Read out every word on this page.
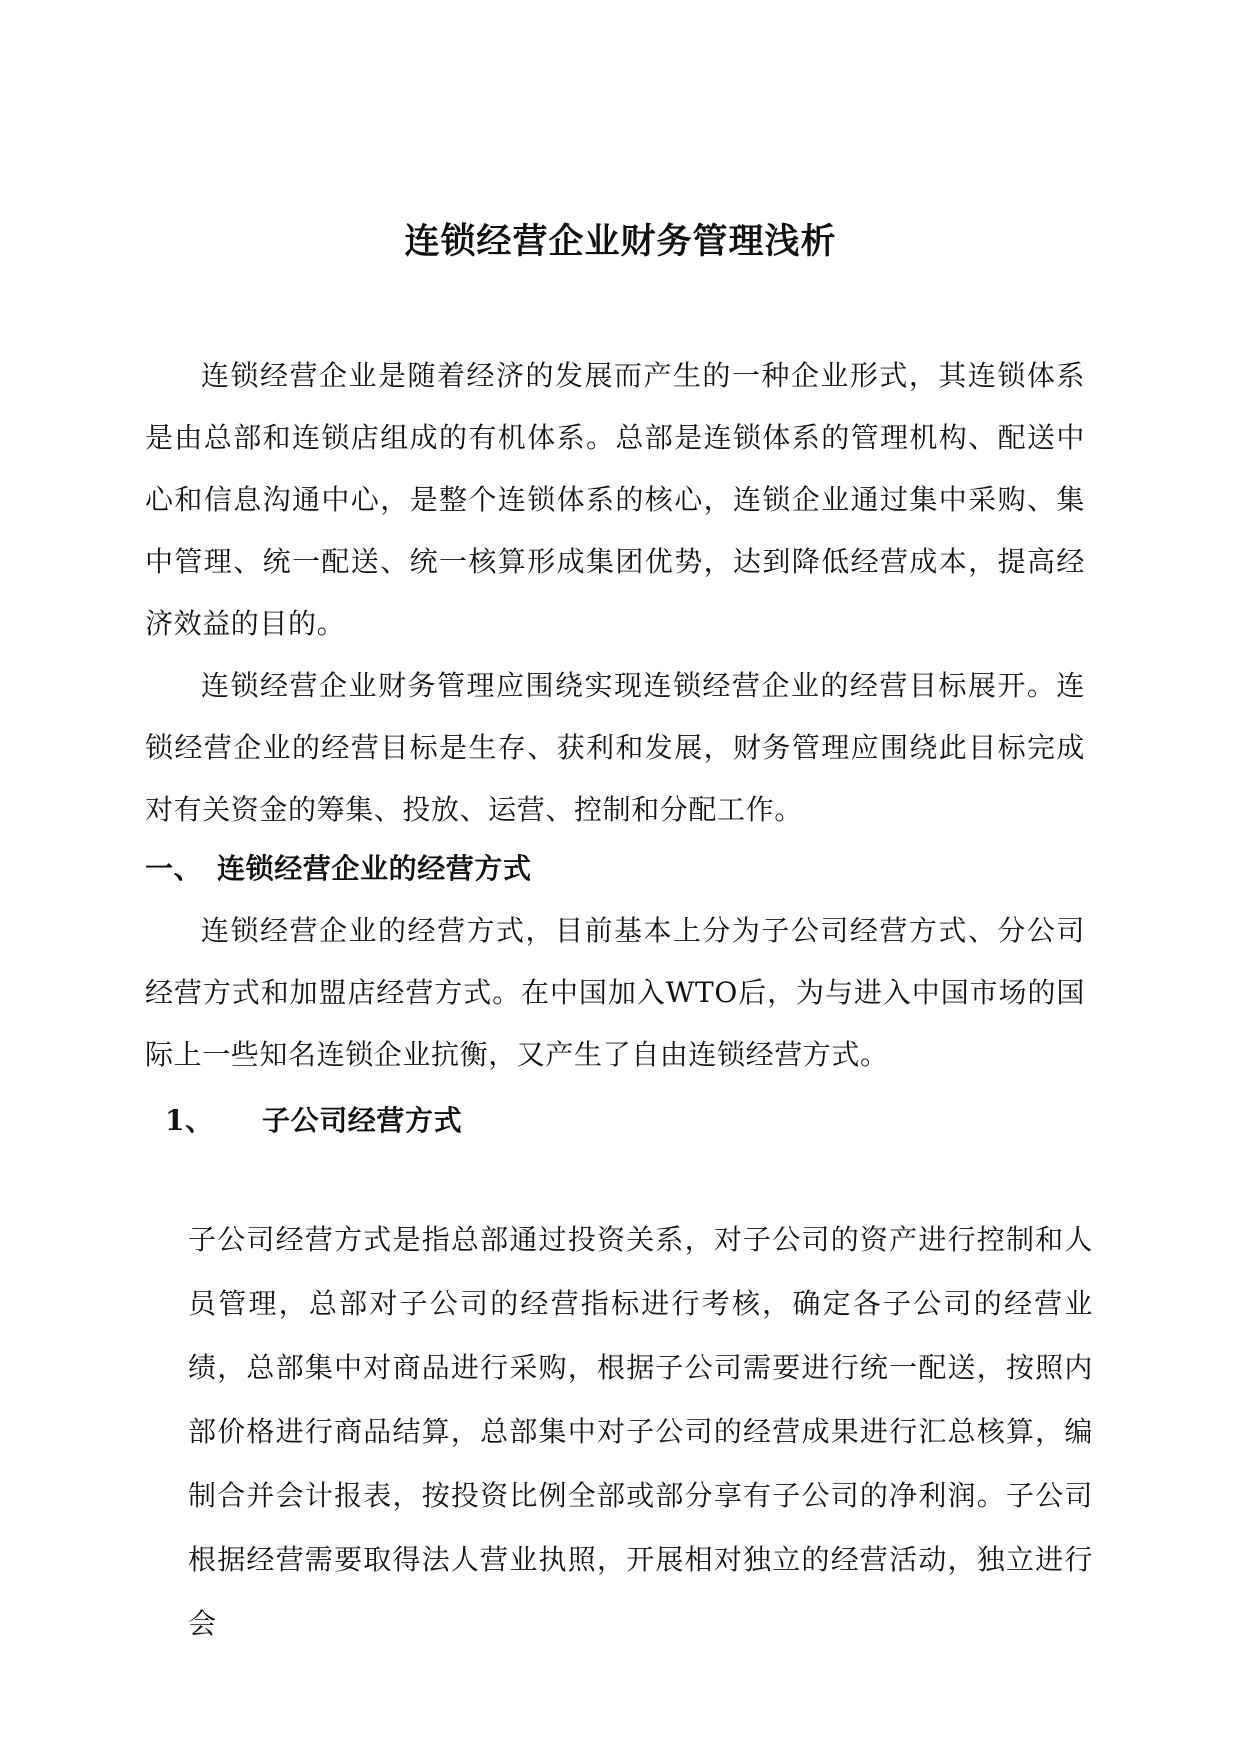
连锁经营企业财务管理浅析

连锁经营企业是随着经济的发展而产生的一种企业形式，其连锁体系是由总部和连锁店组成的有机体系。总部是连锁体系的管理机构、配送中心和信息沟通中心，是整个连锁体系的核心，连锁企业通过集中采购、集中管理、统一配送、统一核算形成集团优势，达到降低经营成本，提高经济效益的目的。

连锁经营企业财务管理应围绕实现连锁经营企业的经营目标展开。连锁经营企业的经营目标是生存、获利和发展，财务管理应围绕此目标完成对有关资金的筹集、投放、运营、控制和分配工作。

一、 连锁经营企业的经营方式

连锁经营企业的经营方式，目前基本上分为子公司经营方式、分公司经营方式和加盟店经营方式。在中国加入WTO后，为与进入中国市场的国际上一些知名连锁企业抗衡，又产生了自由连锁经营方式。

1、 子公司经营方式

子公司经营方式是指总部通过投资关系，对子公司的资产进行控制和人员管理，总部对子公司的经营指标进行考核，确定各子公司的经营业绩，总部集中对商品进行采购，根据子公司需要进行统一配送，按照内部价格进行商品结算，总部集中对子公司的经营成果进行汇总核算，编制合并会计报表，按投资比例全部或部分享有子公司的净利润。子公司根据经营需要取得法人营业执照，开展相对独立的经营活动，独立进行会
